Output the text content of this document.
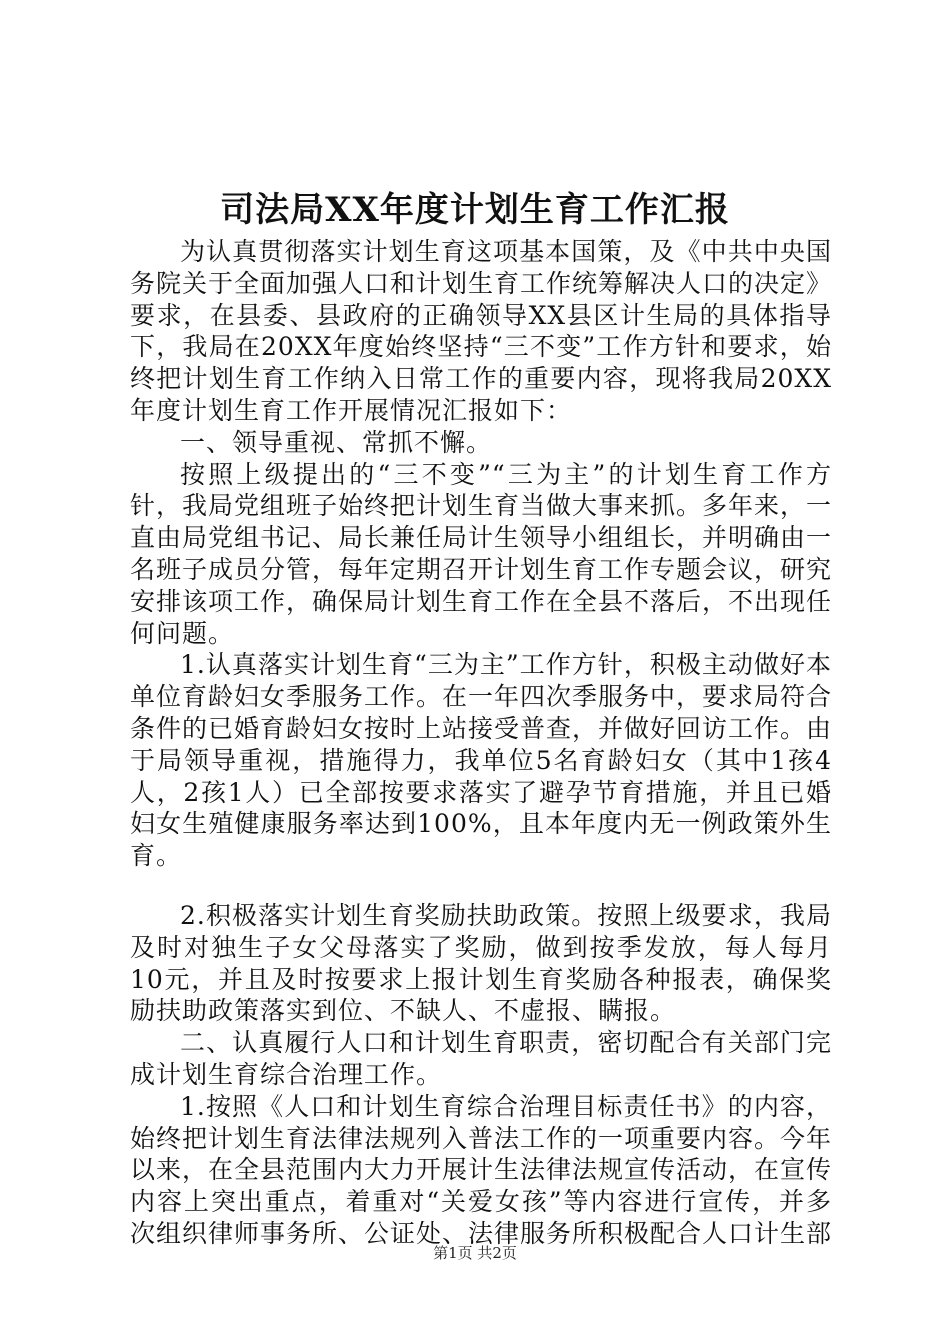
司法局XX年度计划生育工作汇报

为认真贯彻落实计划生育这项基本国策，及《中共中央国务院关于全面加强人口和计划生育工作统筹解决人口的决定》要求，在县委、县政府的正确领导XX县区计生局的具体指导下，我局在20XX年度始终坚持“三不变”工作方针和要求，始终把计划生育工作纳入日常工作的重要内容，现将我局20XX年度计划生育工作开展情况汇报如下：

一、领导重视、常抓不懈。

按照上级提出的“三不变”“三为主”的计划生育工作方针，我局党组班子始终把计划生育当做大事来抓。多年来，一直由局党组书记、局长兼任局计生领导小组组长，并明确由一名班子成员分管，每年定期召开计划生育工作专题会议，研究安排该项工作，确保局计划生育工作在全县不落后，不出现任何问题。

1.认真落实计划生育“三为主”工作方针，积极主动做好本单位育龄妇女季服务工作。在一年四次季服务中，要求局符合条件的已婚育龄妇女按时上站接受普查，并做好回访工作。由于局领导重视，措施得力，我单位5名育龄妇女（其中1孩4人，2孩1人）已全部按要求落实了避孕节育措施，并且已婚妇女生殖健康服务率达到100%，且本年度内无一例政策外生育。

2.积极落实计划生育奖励扶助政策。按照上级要求，我局及时对独生子女父母落实了奖励，做到按季发放，每人每月10元，并且及时按要求上报计划生育奖励各种报表，确保奖励扶助政策落实到位、不缺人、不虚报、瞒报。

二、认真履行人口和计划生育职责，密切配合有关部门完成计划生育综合治理工作。

1.按照《人口和计划生育综合治理目标责任书》的内容，始终把计划生育法律法规列入普法工作的一项重要内容。今年以来，在全县范围内大力开展计生法律法规宣传活动，在宣传内容上突出重点，着重对“关爱女孩”等内容进行宣传，并多次组织律师事务所、公证处、法律服务所积极配合人口计生部

第1页 共2页
